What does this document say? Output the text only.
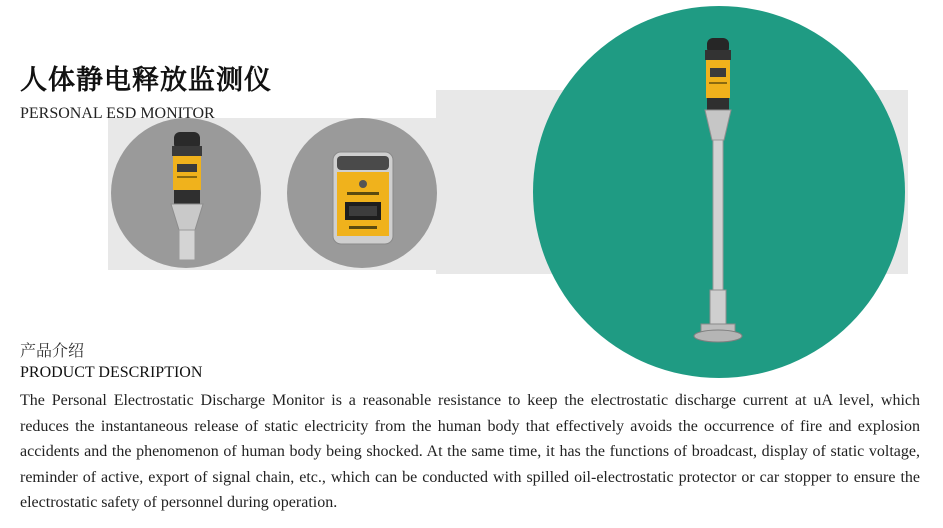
人体静电释放监测仪
PERSONAL ESD MONITOR
产品介绍
PRODUCT DESCRIPTION
The Personal Electrostatic Discharge Monitor is a reasonable resistance to keep the electrostatic discharge current at uA level, which reduces the instantaneous release of static electricity from the human body that effectively avoids the occurrence of fire and explosion accidents and the phenomenon of human body being shocked. At the same time, it has the functions of broadcast, display of static voltage, reminder of active, export of signal chain, etc., which can be conducted with spilled oil-electrostatic protector or car stopper to ensure the electrostatic safety of personnel during operation.
